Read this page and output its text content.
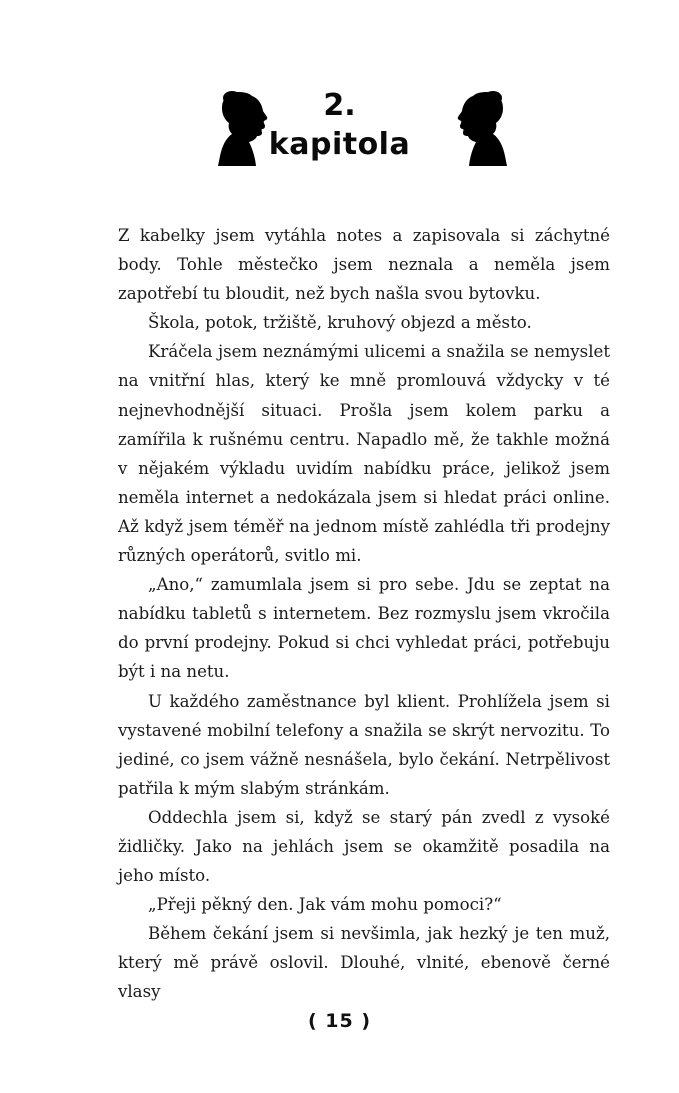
2.
kapitola

Z kabelky jsem vytáhla notes a zapisovala si záchytné body. Tohle městečko jsem neznala a neměla jsem zapotřebí tu bloudit, než bych našla svou bytovku.

Škola, potok, tržiště, kruhový objezd a město.

Kráčela jsem neznámými ulicemi a snažila se nemyslet na vnitřní hlas, který ke mně promlouvá vždycky v té nejnevhodnější situaci. Prošla jsem kolem parku a zamířila k rušnému centru. Napadlo mě, že takhle možná v nějakém výkladu uvidím nabídku práce, jelikož jsem neměla internet a nedokázala jsem si hledat práci online. Až když jsem téměř na jednom místě zahlédla tři prodejny různých operátorů, svitlo mi.

„Ano,“ zamumlala jsem si pro sebe. Jdu se zeptat na nabídku tabletů s internetem. Bez rozmyslu jsem vkročila do první prodejny. Pokud si chci vyhledat práci, potřebuju být i na netu.

U každého zaměstnance byl klient. Prohlížela jsem si vystavené mobilní telefony a snažila se skrýt nervozitu. To jediné, co jsem vážně nesnášela, bylo čekání. Netrpělivost patřila k mým slabým stránkám.

Oddechla jsem si, když se starý pán zvedl z vysoké židličky. Jako na jehlách jsem se okamžitě posadila na jeho místo.

„Přeji pěkný den. Jak vám mohu pomoci?“

Během čekání jsem si nevšimla, jak hezký je ten muž, který mě právě oslovil. Dlouhé, vlnité, ebenově černé vlasy

( 15 )
